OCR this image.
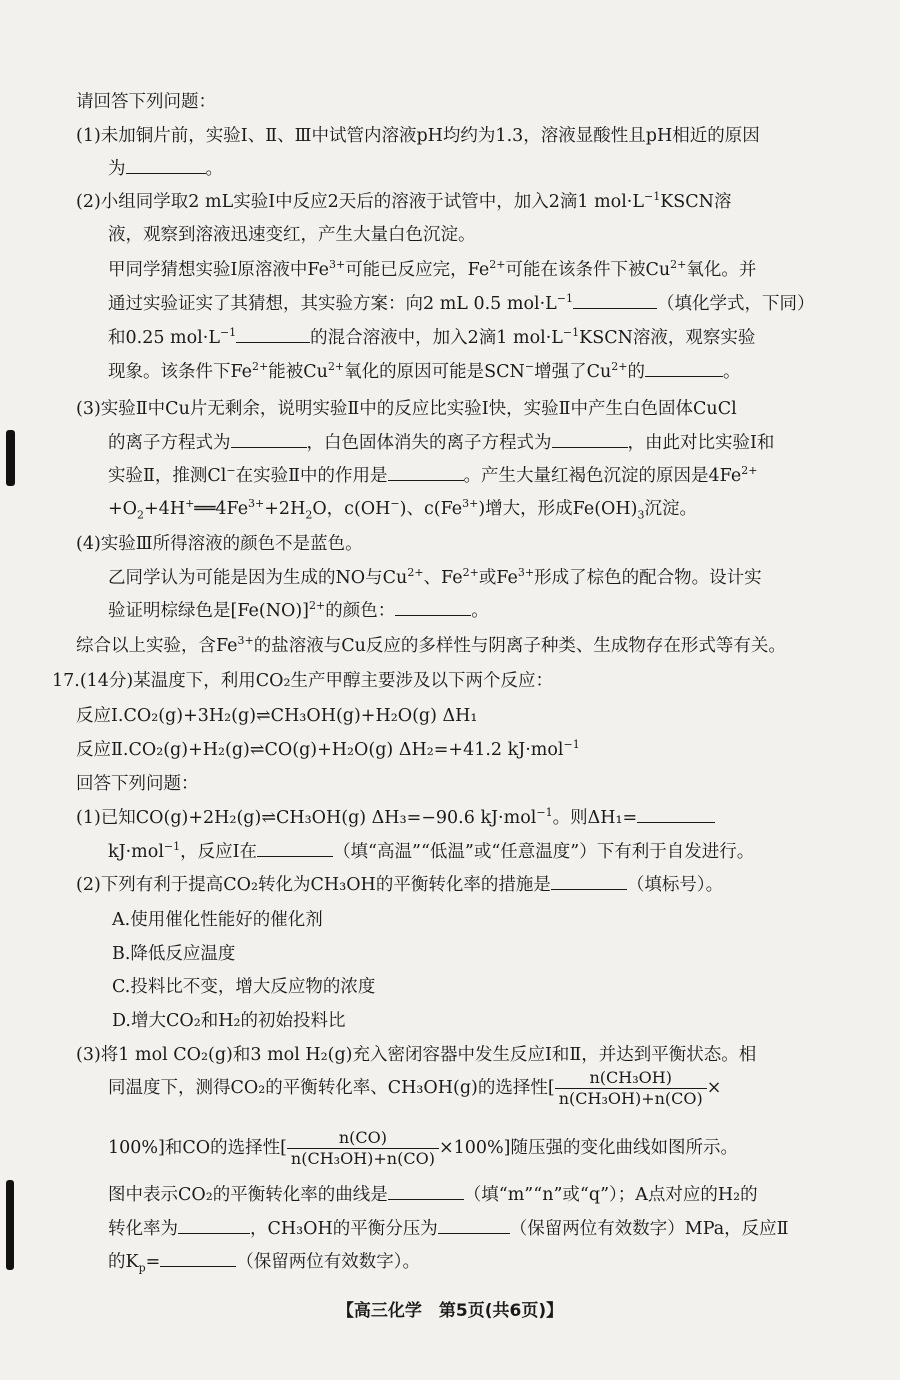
请回答下列问题：
(1)未加铜片前，实验Ⅰ、Ⅱ、Ⅲ中试管内溶液pH均约为1.3，溶液显酸性且pH相近的原因
为	。
(2)小组同学取2 mL实验Ⅰ中反应2天后的溶液于试管中，加入2滴1 $mol\cdot L^{-1}KSCN$溶
液，观察到溶液迅速变红，产生大量白色沉淀。
甲同学猜想实验Ⅰ原溶液中$Fe^{3+}$可能已反应完，$Fe^{2+}$可能在该条件下被$Cu^{2+}$氧化。并
通过实验证实了其猜想，其实验方案：向2 mL 0.5 $mol\cdot L^{-1}$	（填化学式，下同）
和0.25 $mol\cdot L^{-1}$	的混合溶液中，加入2滴1 $mol\cdot L^{-1}KSCN$溶液，观察实验
现象。该条件下$Fe^{2+}$能被$Cu^{2+}$氧化的原因可能是SCN−增强了$Cu^{2+}$的	。
(3)实验Ⅱ中Cu片无剩余，说明实验Ⅱ中的反应比实验Ⅰ快，实验Ⅱ中产生白色固体CuCl
的离子方程式为	，白色固体消失的离子方程式为	，由此对比实验Ⅰ和
实验Ⅱ，推测Cl−在实验Ⅱ中的作用是	。产生大量红褐色沉淀的原因是$4Fe^{2+}$
$+O_2+4H^+══4Fe^{3+}+2H_2O$，c(OH−)、$c(Fe^{3+})$增大，形成$Fe(OH)_3$沉淀。
(4)实验Ⅲ所得溶液的颜色不是蓝色。
乙同学认为可能是因为生成的NO与$Cu^{2+}$、$Fe^{2+}$或$Fe^{3+}$形成了棕色的配合物。设计实
验证明棕绿色是$[Fe(NO)]^{2+}$的颜色：	。
综合以上实验，含$Fe^{3+}$的盐溶液与Cu反应的多样性与阴离子种类、生成物存在形式等有关。
17.(14分)某温度下，利用CO₂生产甲醇主要涉及以下两个反应：
反应Ⅰ.CO₂(g)+3H₂(g)⇌CH₃OH(g)+H₂O(g) ΔH₁
反应Ⅱ.CO₂(g)+H₂(g)⇌CO(g)+H₂O(g) ΔH₂=+41.2 kJ·mol$^{-1}$
回答下列问题：
(1)已知CO(g)+2H₂(g)⇌CH₃OH(g) ΔH₃=−90.6 kJ·mol$^{-1}$。则ΔH₁=
kJ·mol$^{-1}$，反应Ⅰ在	（填“高温”“低温”或“任意温度”）下有利于自发进行。
(2)下列有利于提高CO₂转化为CH₃OH的平衡转化率的措施是	（填标号）。
A.使用催化性能好的催化剂
B.降低反应温度
C.投料比不变，增大反应物的浓度
D.增大CO₂和H₂的初始投料比
(3)将1 mol CO₂(g)和3 mol H₂(g)充入密闭容器中发生反应Ⅰ和Ⅱ，并达到平衡状态。相
同温度下，测得CO₂的平衡转化率、CH₃OH(g)的选择性[ $\frac{\text{n(CH₃OH)}}{\text{n(CH₃OH)+n(CO)}}$ ×
100%]和CO的选择性[ $\frac{n(CO)}{\text{n(CH₃OH)+n(CO)}} \times 100\%$]随压强的变化曲线如图所示。
图中表示CO₂的平衡转化率的曲线是	（填“m”“n”或“q”）；A点对应的H₂的
转化率为	，CH₃OH的平衡分压为	（保留两位有效数字）MPa，反应Ⅱ
的$K_p=$	（保留两位有效数字）。
【高三化学　第5页(共6页)】
